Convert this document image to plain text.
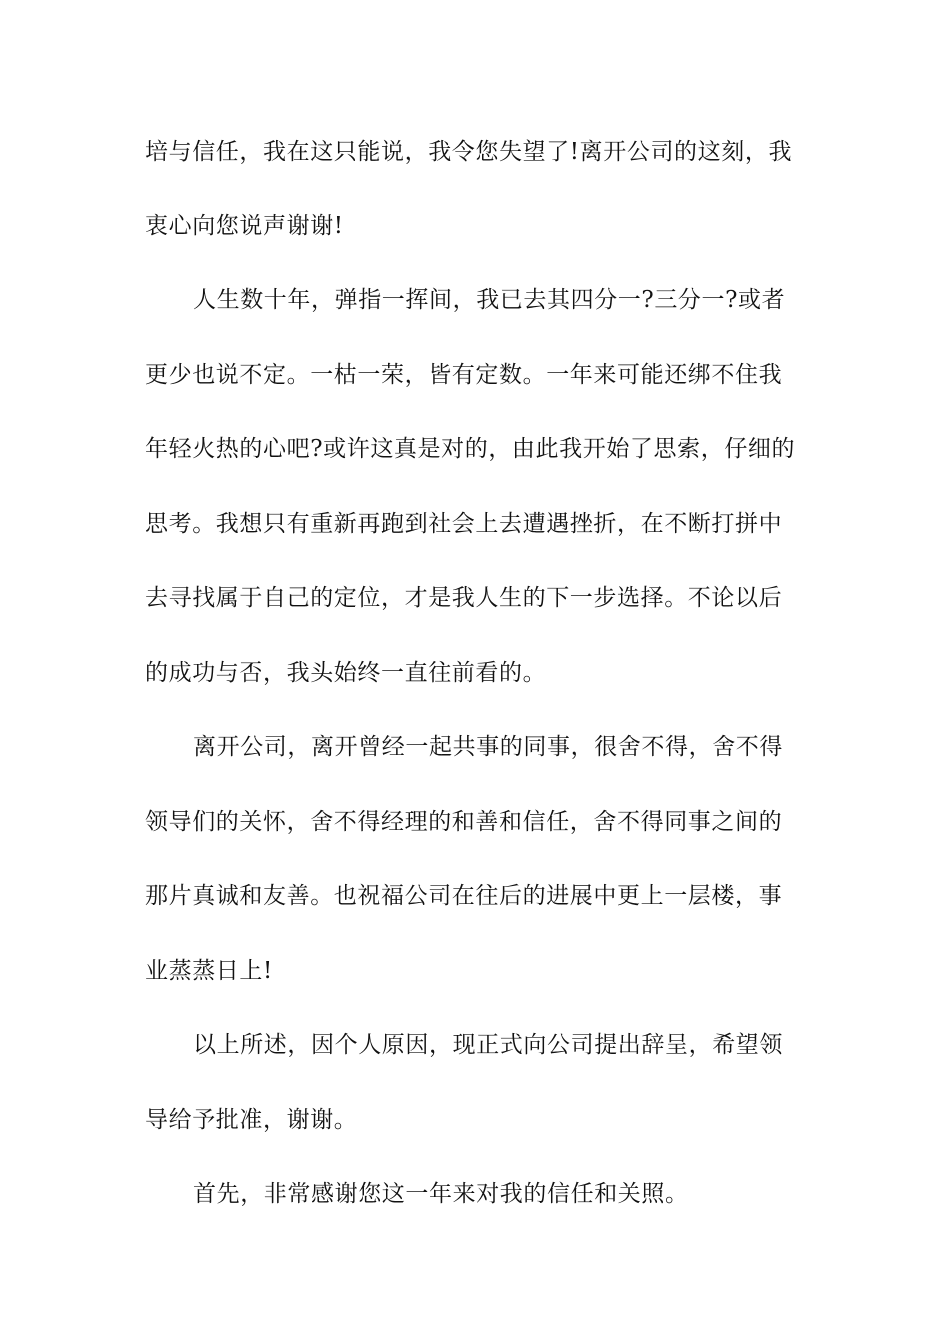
培与信任，我在这只能说，我令您失望了!离开公司的这刻，我
衷心向您说声谢谢!
人生数十年，弹指一挥间，我已去其四分一?三分一?或者
更少也说不定。一枯一荣，皆有定数。一年来可能还绑不住我
年轻火热的心吧?或许这真是对的，由此我开始了思索，仔细的
思考。我想只有重新再跑到社会上去遭遇挫折，在不断打拼中
去寻找属于自己的定位，才是我人生的下一步选择。不论以后
的成功与否，我头始终一直往前看的。
离开公司，离开曾经一起共事的同事，很舍不得，舍不得
领导们的关怀，舍不得经理的和善和信任，舍不得同事之间的
那片真诚和友善。也祝福公司在往后的进展中更上一层楼，事
业蒸蒸日上!
以上所述，因个人原因，现正式向公司提出辞呈，希望领
导给予批准，谢谢。
首先，非常感谢您这一年来对我的信任和关照。
